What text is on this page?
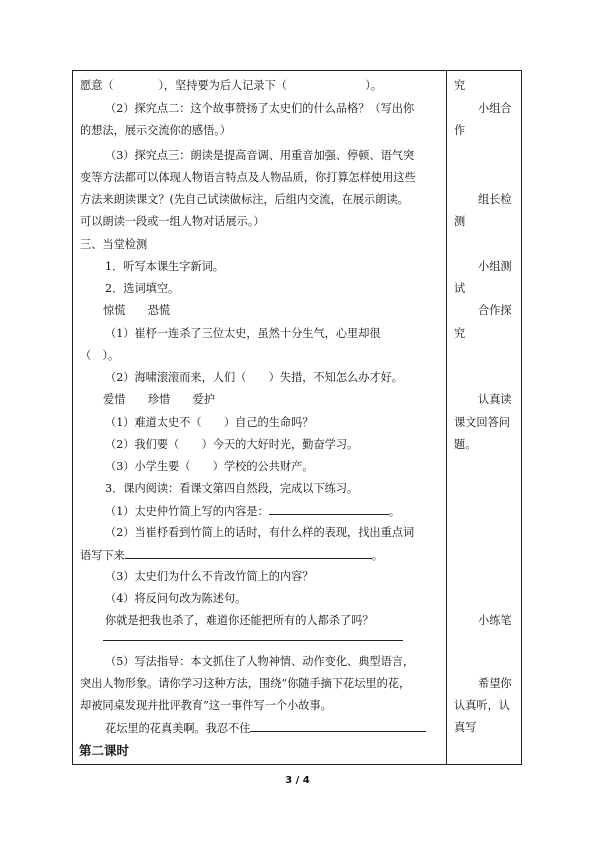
愿意（　　　　），坚持要为后人记录下（　　　　　　　）。
（2）探究点二：这个故事赞扬了太史们的什么品格？（写出你
的想法，展示交流你的感悟。）
（3）探究点三：朗读是提高音调、用重音加强、停顿、语气突
变等方法都可以体现人物语言特点及人物品质，你打算怎样使用这些
方法来朗读课文？(先自己试读做标注，后组内交流，在展示朗读。
可以朗读一段或一组人物对话展示。）
三、当堂检测
1．听写本课生字新词。
2．选词填空。
惊慌　　恐慌
（1）崔杼一连杀了三位太史，虽然十分生气，心里却很
（　）。
（2）海啸滚滚而来，人们（　　）失措，不知怎么办才好。
爱惜　　珍惜　　爱护
（1）难道太史不（　　）自己的生命吗？
（2）我们要（　　）今天的大好时光，勤奋学习。
（3）小学生要（　　）学校的公共财产。
3．课内阅读：看课文第四自然段，完成以下练习。
（1）太史仲竹简上写的内容是：	。
（2）当崔杼看到竹简上的话时，有什么样的表现，找出重点词
语写下来	。
（3）太史们为什么不肯改竹简上的内容？
（4）将反问句改为陈述句。
你就是把我也杀了，难道你还能把所有的人都杀了吗？
（5）写法指导：本文抓住了人物神情、动作变化、典型语言，
突出人物形象。请你学习这种方法，围绕“你随手摘下花坛里的花，
却被同桌发现并批评教育”这一事件写一个小故事。
花坛里的花真美啊。我忍不住
第二课时
究
小组合
作
组长检
测
小组测
试
合作探
究
认真读
课文回答问
题。
小练笔
希望你
认真听，认
真写
3 / 4
